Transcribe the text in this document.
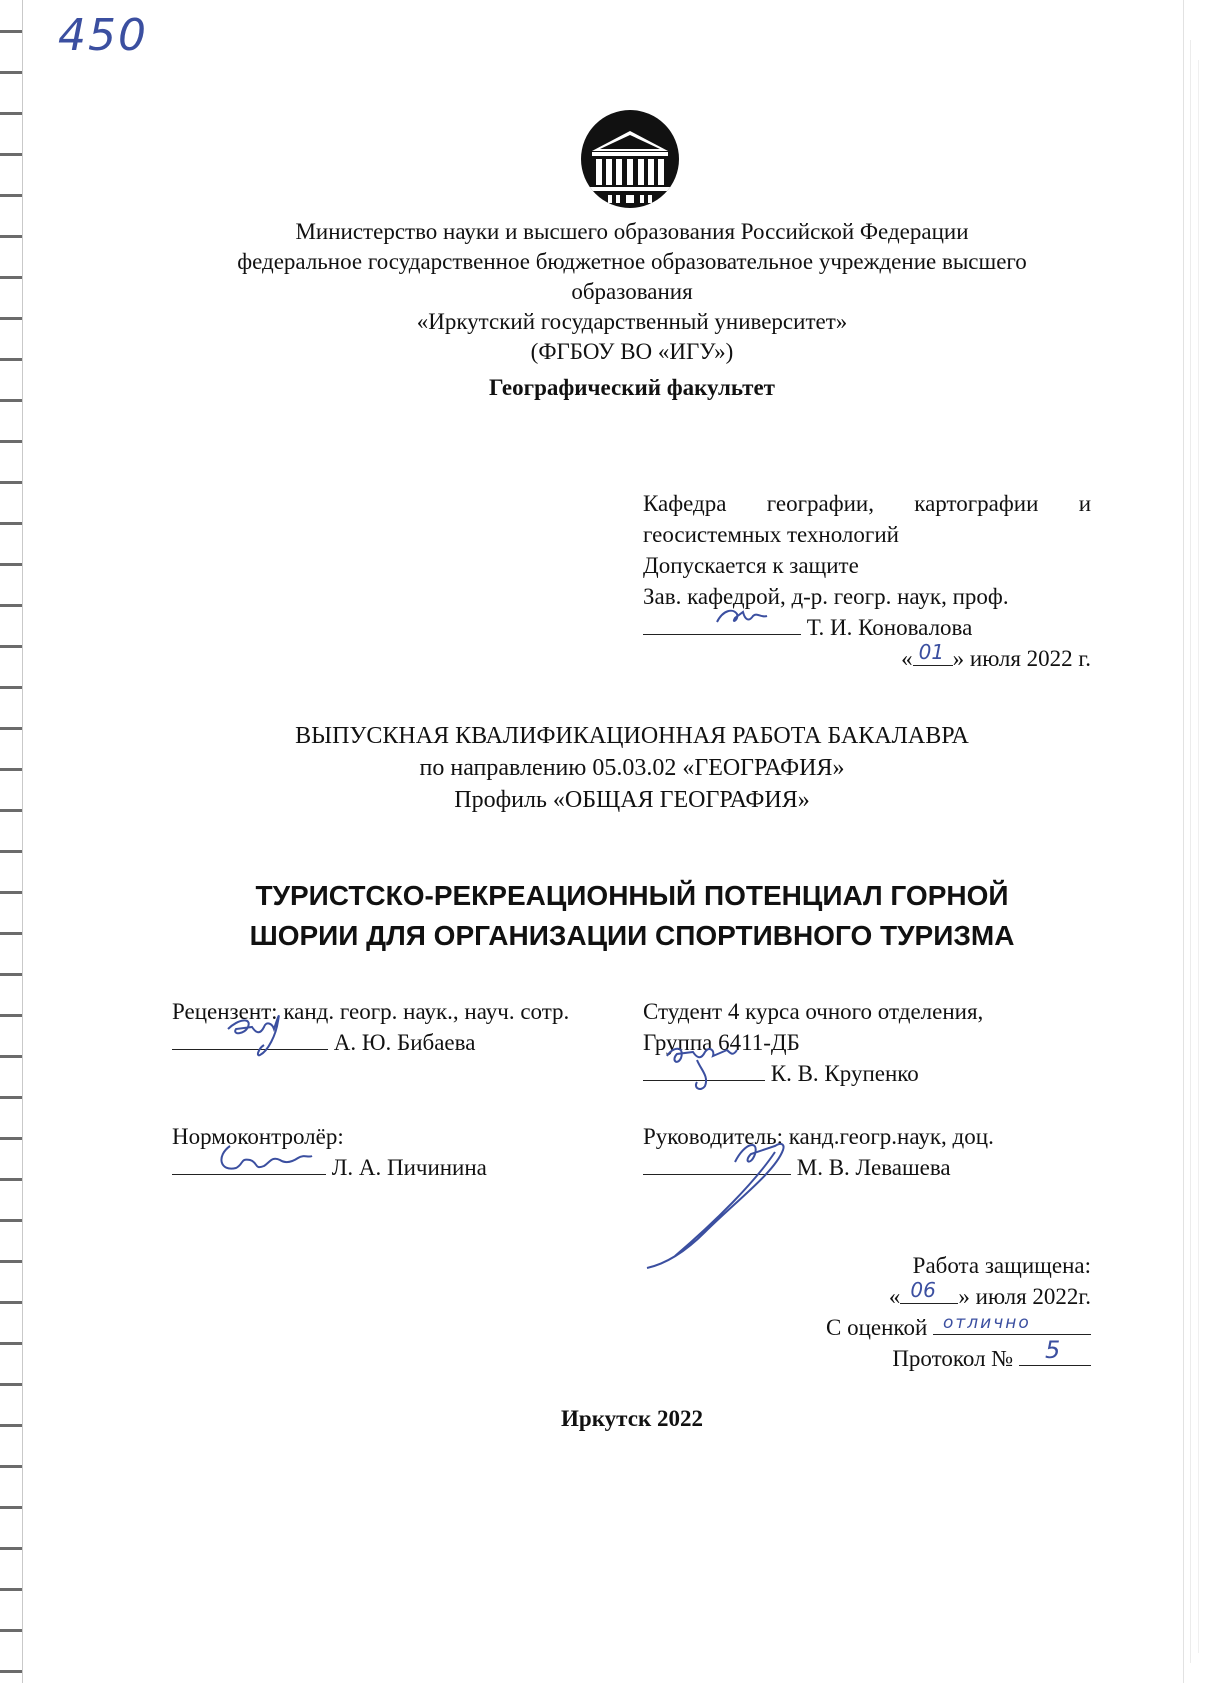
450
Министерство науки и высшего образования Российской Федерации
федеральное государственное бюджетное образовательное учреждение высшего
образования
«Иркутский государственный университет»
(ФГБОУ ВО «ИГУ»)
Географический факультет
Кафедра географии, картографии и
геосистемных технологий
Допускается к защите
Зав. кафедрой, д-р. геогр. наук, проф.
Т. И. Коновалова
« 01 » июля 2022 г.
ВЫПУСКНАЯ КВАЛИФИКАЦИОННАЯ РАБОТА БАКАЛАВРА
по направлению 05.03.02 «ГЕОГРАФИЯ»
Профиль «ОБЩАЯ ГЕОГРАФИЯ»
ТУРИСТСКО-РЕКРЕАЦИОННЫЙ ПОТЕНЦИАЛ ГОРНОЙ
ШОРИИ ДЛЯ ОРГАНИЗАЦИИ СПОРТИВНОГО ТУРИЗМА
Рецензент: канд. геогр. наук., науч. сотр.
А. Ю. Бибаева
Студент 4 курса очного отделения,
Группа 6411-ДБ
К. В. Крупенко
Нормоконтролёр:
Л. А. Пичинина
Руководитель: канд.геогр.наук, доц.
М. В. Левашева
Работа защищена:
« 06 » июля 2022г.
С оценкой отлично
Протокол № 5
Иркутск 2022
